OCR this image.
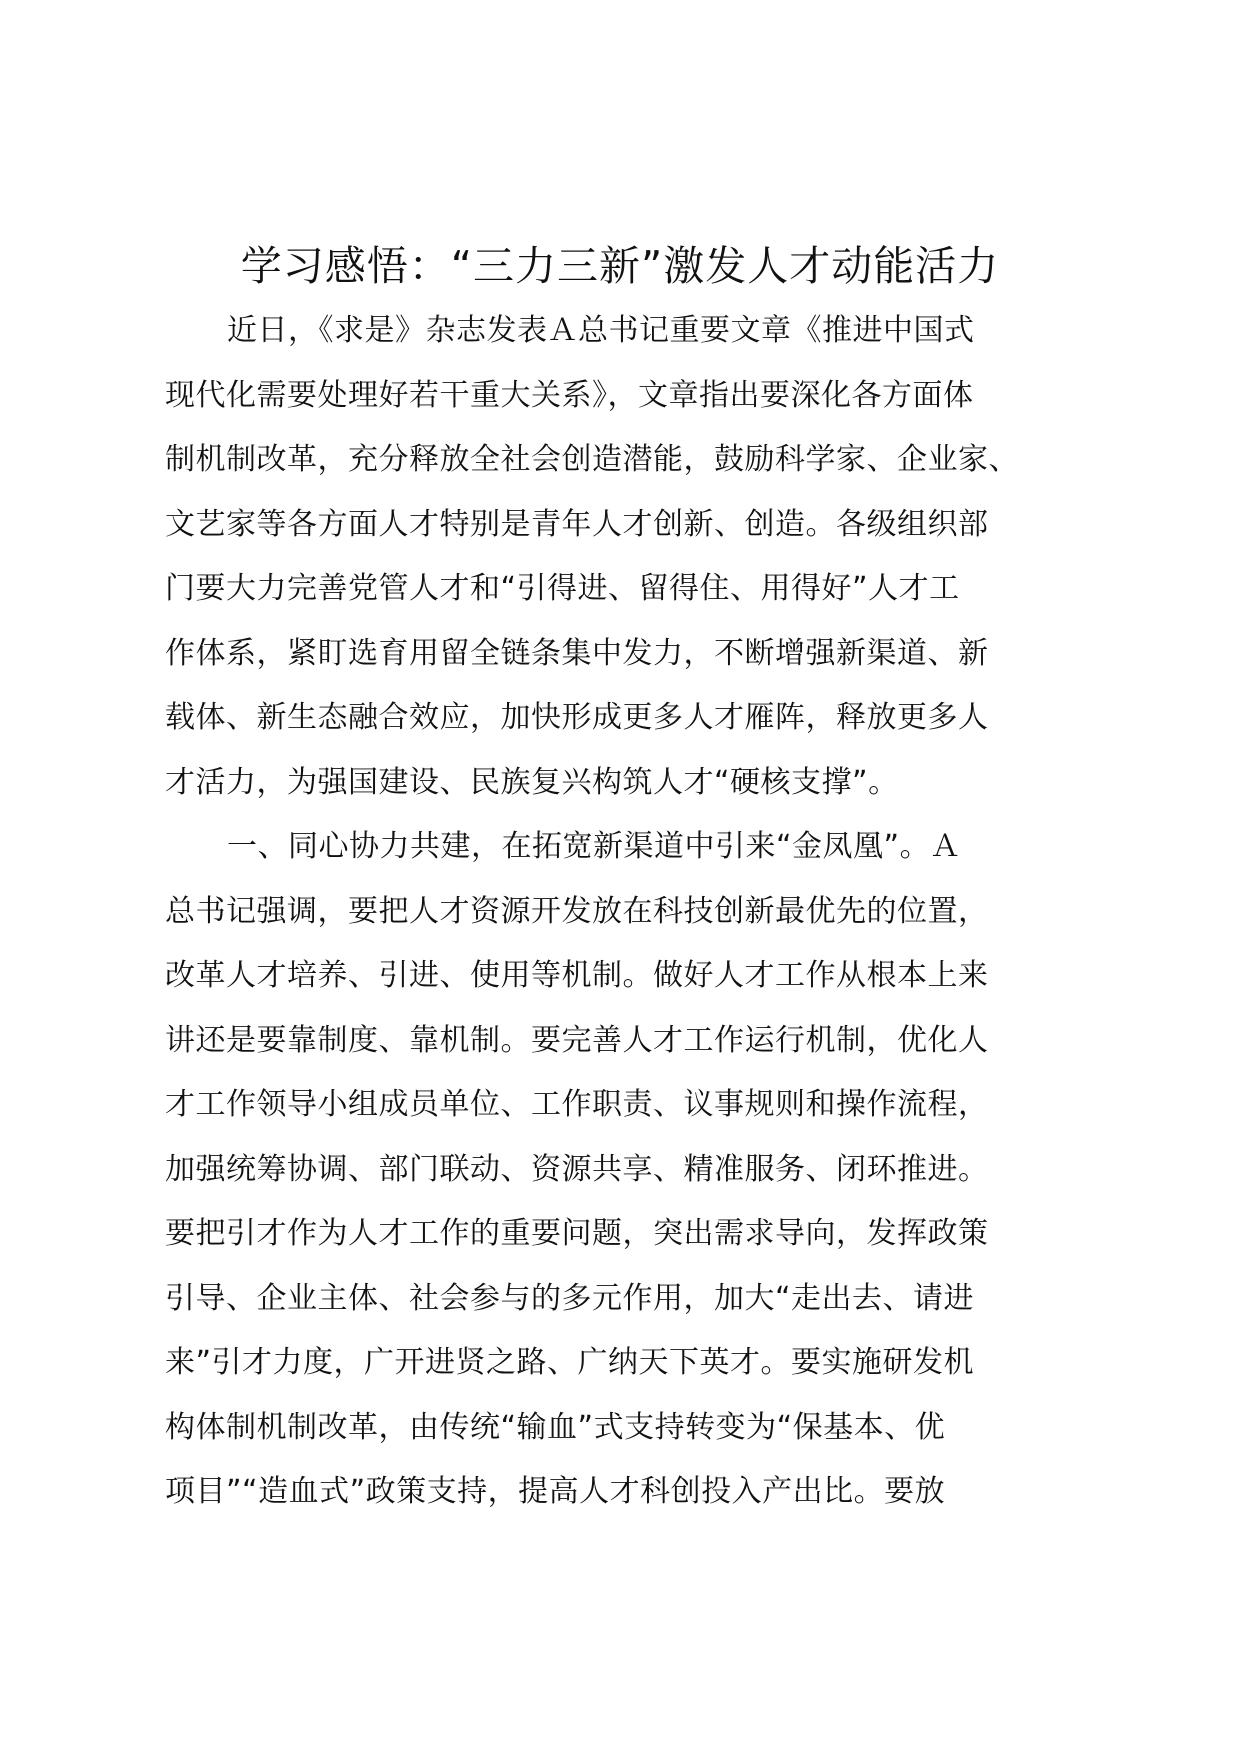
学习感悟：“三力三新”激发人才动能活力
近日，《求是》杂志发表Ａ总书记重要文章《推进中国式
现代化需要处理好若干重大关系》，文章指出要深化各方面体
制机制改革，充分释放全社会创造潜能，鼓励科学家、企业家、
文艺家等各方面人才特别是青年人才创新、创造。各级组织部
门要大力完善党管人才和“引得进、留得住、用得好”人才工
作体系，紧盯选育用留全链条集中发力，不断增强新渠道、新
载体、新生态融合效应，加快形成更多人才雁阵，释放更多人
才活力，为强国建设、民族复兴构筑人才“硬核支撑”。
一、同心协力共建，在拓宽新渠道中引来“金凤凰”。Ａ
总书记强调，要把人才资源开发放在科技创新最优先的位置，
改革人才培养、引进、使用等机制。做好人才工作从根本上来
讲还是要靠制度、靠机制。要完善人才工作运行机制，优化人
才工作领导小组成员单位、工作职责、议事规则和操作流程，
加强统筹协调、部门联动、资源共享、精准服务、闭环推进。
要把引才作为人才工作的重要问题，突出需求导向，发挥政策
引导、企业主体、社会参与的多元作用，加大“走出去、请进
来”引才力度，广开进贤之路、广纳天下英才。要实施研发机
构体制机制改革，由传统“输血”式支持转变为“保基本、优
项目”“造血式”政策支持，提高人才科创投入产出比。要放
